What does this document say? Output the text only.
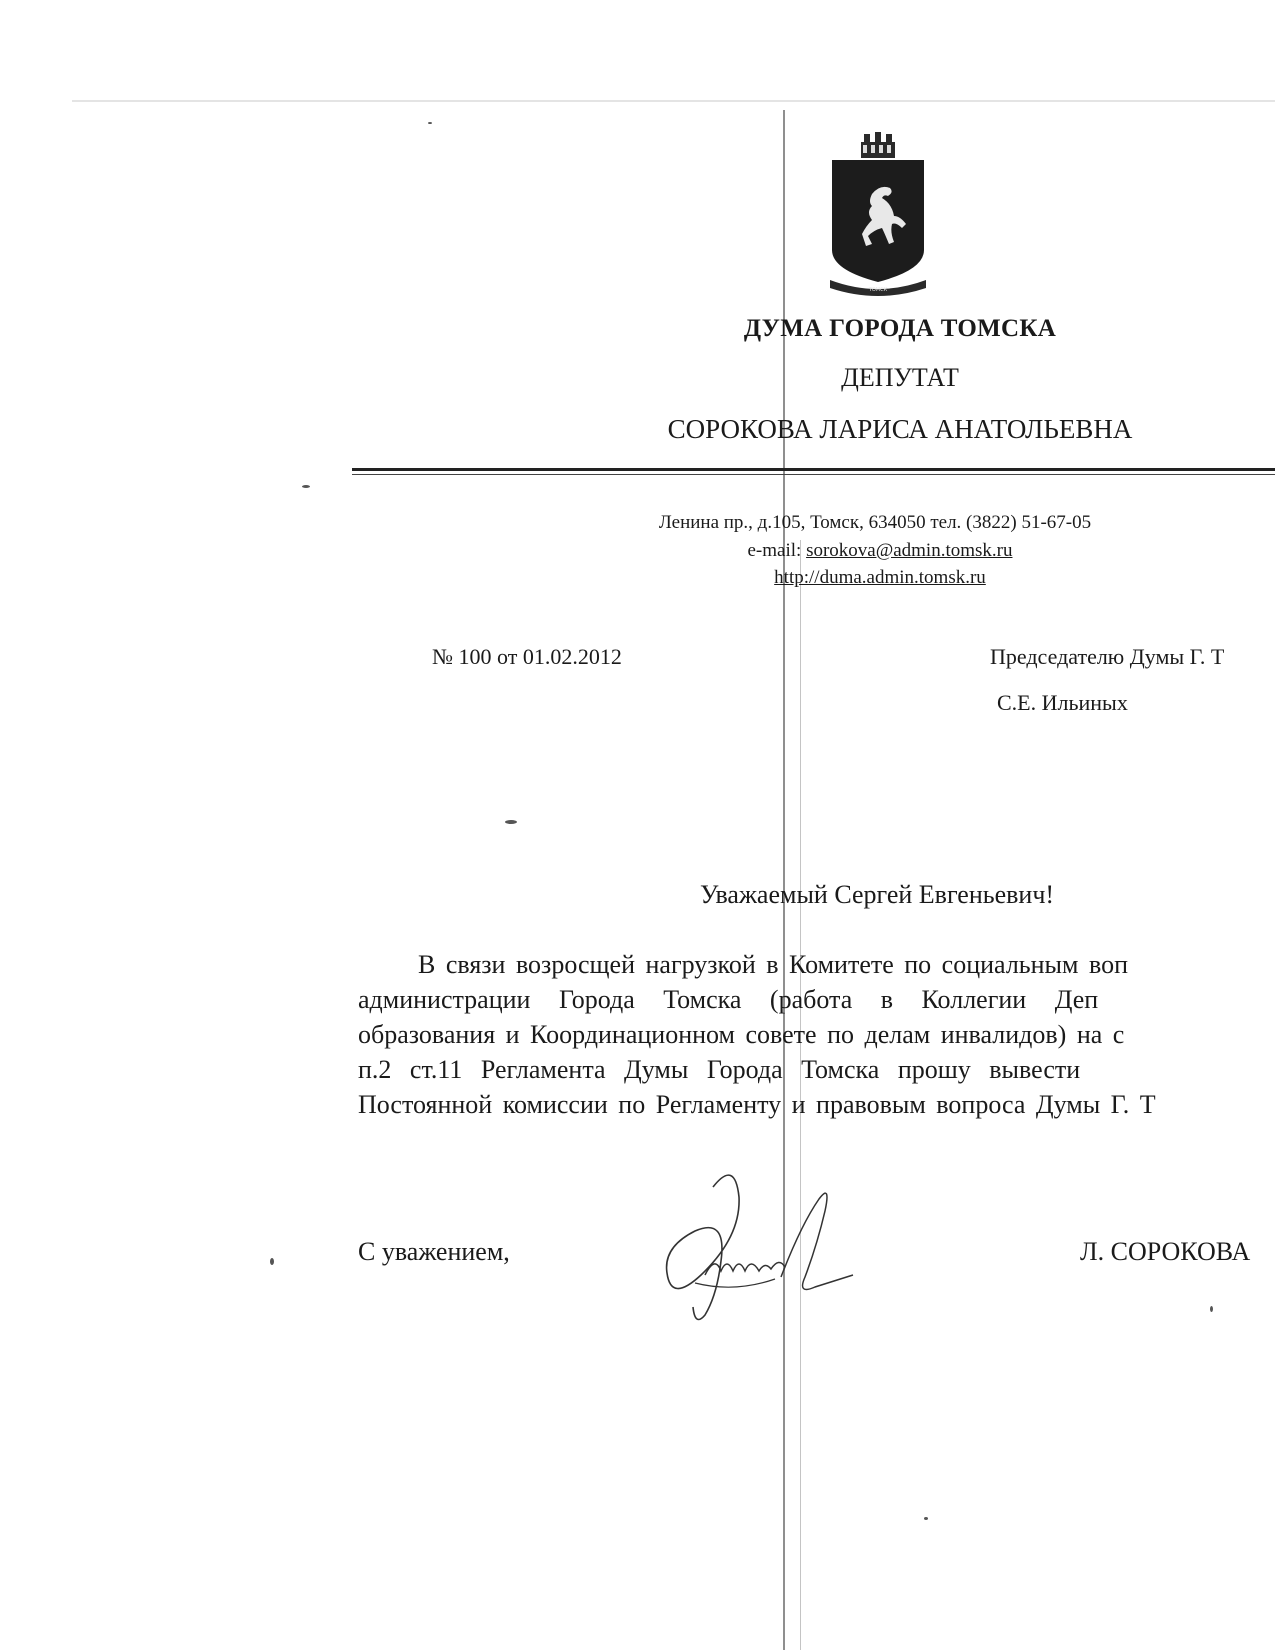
ТОМСК
ДУМА ГОРОДА ТОМСКА
ДЕПУТАТ
СОРОКОВА ЛАРИСА АНАТОЛЬЕВНА
Ленина пр., д.105, Томск, 634050 тел. (3822) 51-67-05
e-mail: sorokova@admin.tomsk.ru
http://duma.admin.tomsk.ru
№ 100 от 01.02.2012	Председателю Думы Г. Т
С.Е. Ильиных
Уважаемый Сергей Евгеньевич!
В связи возросщей нагрузкой в Комитете по социальным воп
администрации Города Томска (работа в Коллегии Деп
образования и Координационном совете по делам инвалидов) на с
п.2 ст.11 Регламента Думы Города Томска прошу вывести
Постоянной комиссии по Регламенту и правовым вопроса Думы Г. Т
С уважением,	Л. СОРОКОВА
